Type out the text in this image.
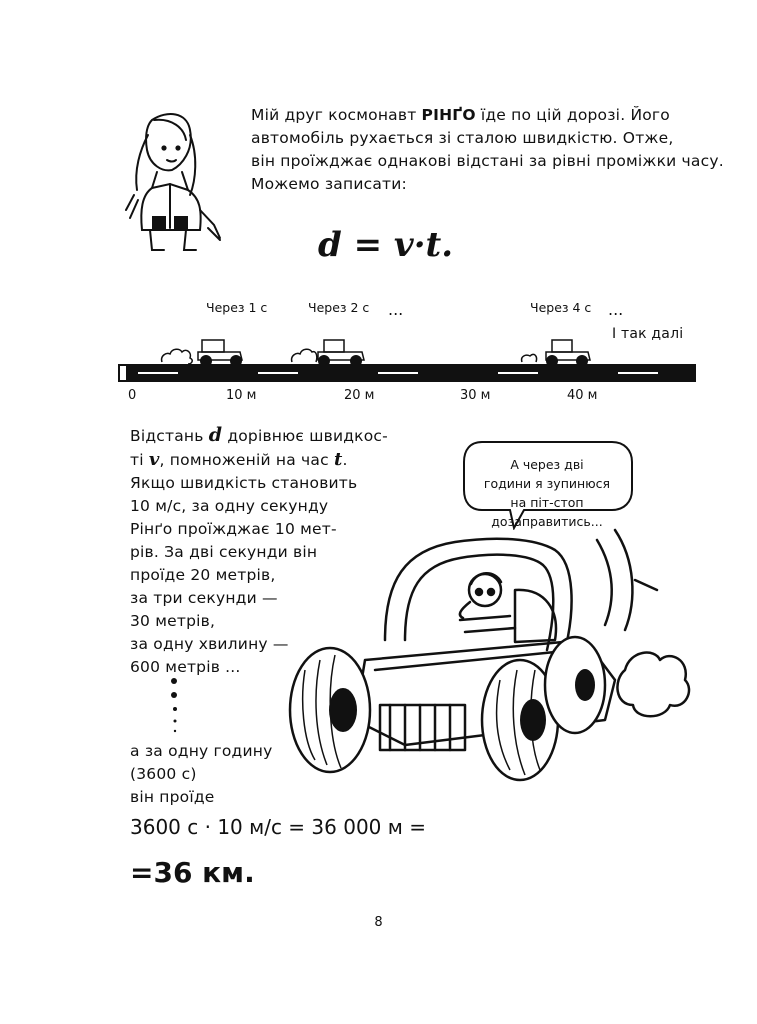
Мій друг космонавт РІНҐО їде по цій дорозі. Його

автомобіль рухається зі сталою швидкістю. Отже,

він проїжджає однакові відстані за рівні проміжки часу.

Можемо записати:

d = v·t.
Через 1 с	Через 2 с ...	Через 4 с ...
І так далі
0	10 м	20 м	30 м	40 м
Відстань d дорівнює швидкос-
ті v, помноженій на час t.
Якщо швидкість становить
10 м/с, за одну секунду
Рінґо проїжджає 10 мет-
рів. За дві секунди він
проїде 20 метрів,
за три секунди —
30 метрів,
за одну хвилину —
600 метрів ...
а за одну годину
(3600 с)
він проїде
3600 с · 10 м/с = 36 000 м =
=36 км.
А через дві
години я зупинюся
на піт-стоп
дозаправитись...
8
